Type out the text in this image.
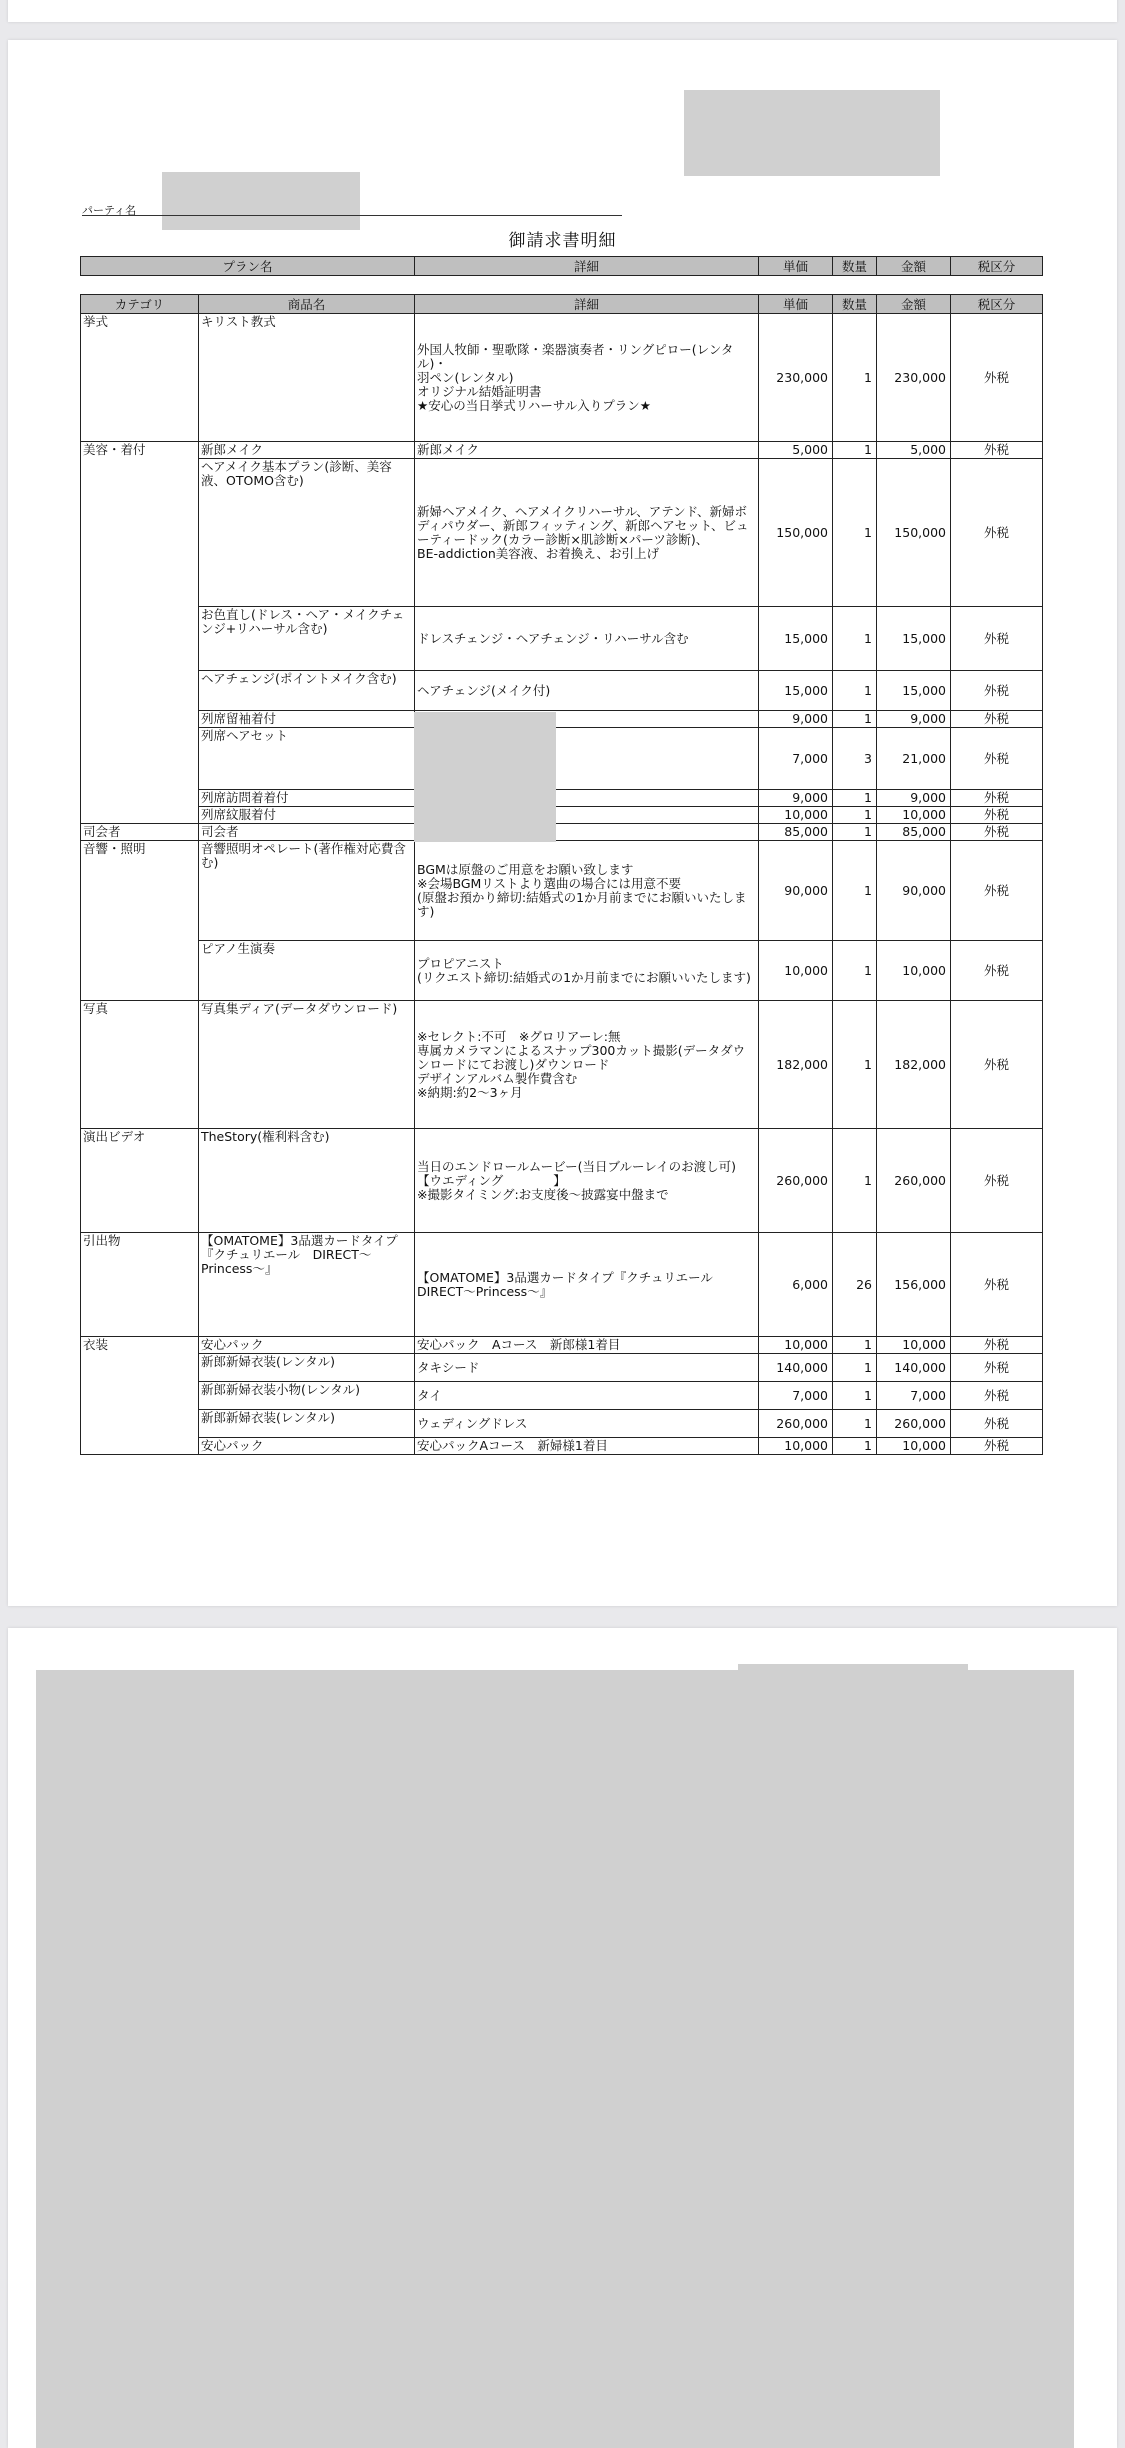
パーティ名
御請求書明細
プラン名	詳細	単価	数量	金額	税区分
カテゴリ	商品名	詳細	単価	数量	金額	税区分
挙式	キリスト教式	外国人牧師・聖歌隊・楽器演奏者・リングピロー(レンタル)・
羽ペン(レンタル)
オリジナル結婚証明書
★安心の当日挙式リハーサル入りプラン★	230,000	1	230,000	外税
美容・着付	新郎メイク	新郎メイク	5,000	1	5,000	外税
	ヘアメイク基本プラン(診断、美容液、OTOMO含む)	新婦ヘアメイク、ヘアメイクリハーサル、アテンド、新婦ボディパウダー、新郎フィッティング、新郎ヘアセット、ビューティードック(カラー診断×肌診断×パーツ診断)、
BE-addiction美容液、お着換え、お引上げ	150,000	1	150,000	外税
	お色直し(ドレス・ヘア・メイクチェンジ+リハーサル含む)	ドレスチェンジ・ヘアチェンジ・リハーサル含む	15,000	1	15,000	外税
	ヘアチェンジ(ポイントメイク含む)	ヘアチェンジ(メイク付)	15,000	1	15,000	外税
	列席留袖着付		9,000	1	9,000	外税
	列席ヘアセット		7,000	3	21,000	外税
	列席訪問着着付		9,000	1	9,000	外税
	列席紋服着付		10,000	1	10,000	外税
司会者	司会者		85,000	1	85,000	外税
音響・照明	音響照明オペレート(著作権対応費含む)	BGMは原盤のご用意をお願い致します
※会場BGMリストより選曲の場合には用意不要
(原盤お預かり締切:結婚式の1か月前までにお願いいたします)	90,000	1	90,000	外税
	ピアノ生演奏	プロピアニスト
(リクエスト締切:結婚式の1か月前までにお願いいたします)	10,000	1	10,000	外税
写真	写真集ディア(データダウンロード)	※セレクト:不可　※グロリアーレ:無
専属カメラマンによるスナップ300カット撮影(データダウンロードにてお渡し)ダウンロード
デザインアルバム製作費含む
※納期:約2～3ヶ月	182,000	1	182,000	外税
演出ビデオ	TheStory(権利料含む)	当日のエンドロールムービー(当日ブルーレイのお渡し可)
【ウエディング　　　　】
※撮影タイミング:お支度後～披露宴中盤まで	260,000	1	260,000	外税
引出物	【OMATOME】3品選カードタイプ『クチュリエール　DIRECT～Princess～』	【OMATOME】3品選カードタイプ『クチュリエールDIRECT～Princess～』	6,000	26	156,000	外税
衣装	安心パック	安心パック　Aコース　新郎様1着目	10,000	1	10,000	外税
	新郎新婦衣装(レンタル)	タキシード	140,000	1	140,000	外税
	新郎新婦衣装小物(レンタル)	タイ	7,000	1	7,000	外税
	新郎新婦衣装(レンタル)	ウェディングドレス	260,000	1	260,000	外税
	安心パック	安心パックAコース　新婦様1着目	10,000	1	10,000	外税
